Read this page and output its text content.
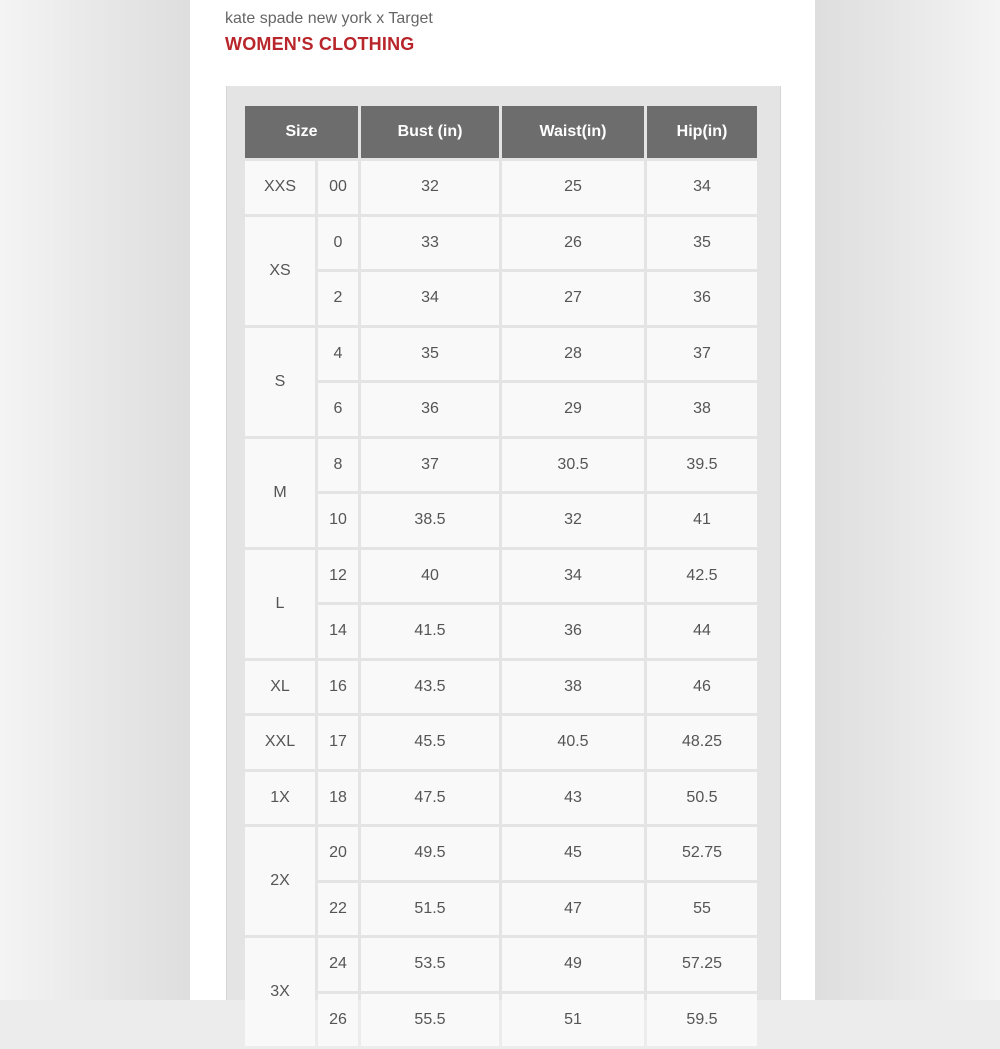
kate spade new york x Target
WOMEN'S CLOTHING
Size		Bust (in)	Waist(in)	Hip(in)
XXS	00	32	25	34
XS	0	33	26	35
	2	34	27	36
S	4	35	28	37
	6	36	29	38
M	8	37	30.5	39.5
	10	38.5	32	41
L	12	40	34	42.5
	14	41.5	36	44
XL	16	43.5	38	46
XXL	17	45.5	40.5	48.25
1X	18	47.5	43	50.5
2X	20	49.5	45	52.75
	22	51.5	47	55
3X	24	53.5	49	57.25
	26	55.5	51	59.5
